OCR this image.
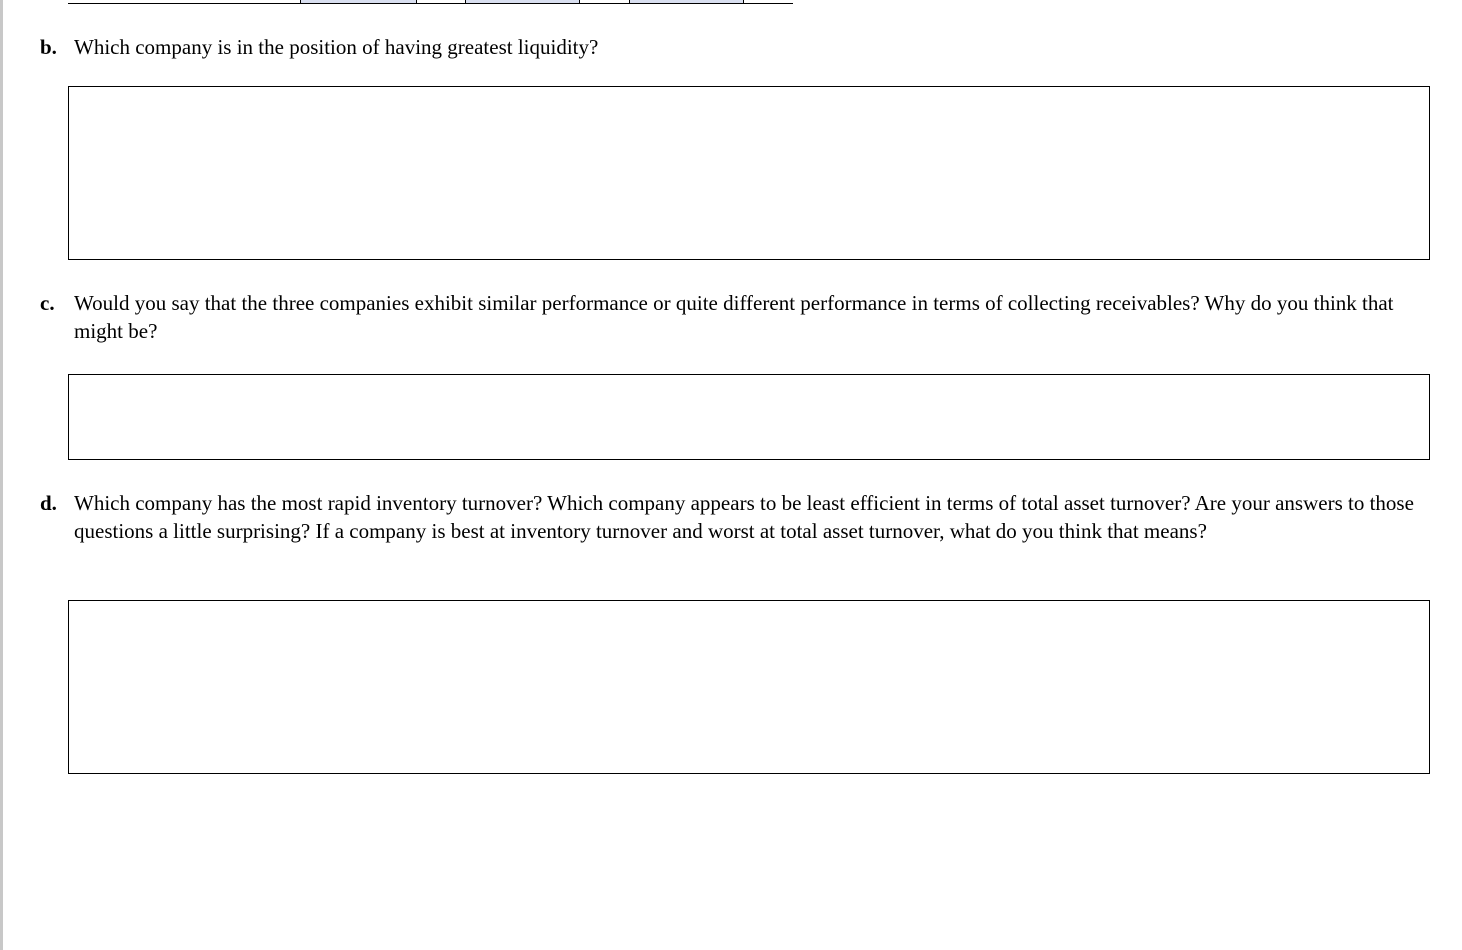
b. Which company is in the position of having greatest liquidity?
c. Would you say that the three companies exhibit similar performance or quite different performance in terms of collecting receivables? Why do you think that might be?
d. Which company has the most rapid inventory turnover? Which company appears to be least efficient in terms of total asset turnover? Are your answers to those questions a little surprising? If a company is best at inventory turnover and worst at total asset turnover, what do you think that means?
